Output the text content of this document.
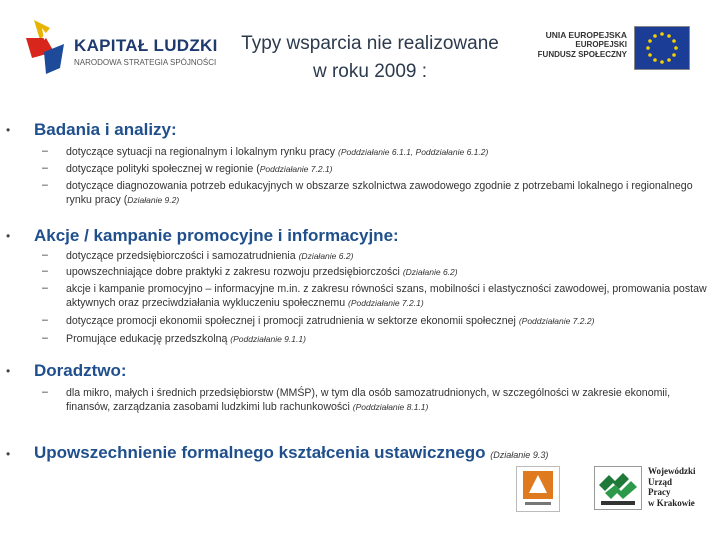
KAPITAŁ LUDZKI
NARODOWA STRATEGIA SPÓJNOŚCI
Typy wsparcia nie realizowane
w roku 2009 :
UNIA EUROPEJSKA
EUROPEJSKI
FUNDUSZ SPOŁECZNY
• Badania i analizy:
– dotyczące sytuacji na regionalnym i lokalnym rynku pracy (Poddziałanie 6.1.1, Poddziałanie 6.1.2)
– dotyczące polityki społecznej w regionie (Poddziałanie 7.2.1)
– dotyczące diagnozowania potrzeb edukacyjnych w obszarze szkolnictwa zawodowego zgodnie z potrzebami lokalnego i regionalnego rynku pracy (Działanie 9.2)
• Akcje / kampanie promocyjne i informacyjne:
– dotyczące przedsiębiorczości i samozatrudnienia (Działanie 6.2)
– upowszechniające dobre praktyki z zakresu rozwoju przedsiębiorczości (Działanie 6.2)
– akcje i kampanie promocyjno – informacyjne m.in. z zakresu równości szans, mobilności i elastyczności zawodowej, promowania postaw aktywnych oraz przeciwdziałania wykluczeniu społecznemu (Poddziałanie 7.2.1)
– dotyczące promocji ekonomii społecznej i promocji zatrudnienia w sektorze ekonomii społecznej (Poddziałanie 7.2.2)
– Promujące edukację przedszkolną (Poddziałanie 9.1.1)
• Doradztwo:
– dla mikro, małych i średnich przedsiębiorstw (MMŚP), w tym dla osób samozatrudnionych, w szczególności w zakresie ekonomii, finansów, zarządzania zasobami ludzkimi lub rachunkowości (Poddziałanie 8.1.1)
• Upowszechnienie formalnego kształcenia ustawicznego (Działanie 9.3)
Wojewódzki
Urząd
Pracy
w Krakowie
